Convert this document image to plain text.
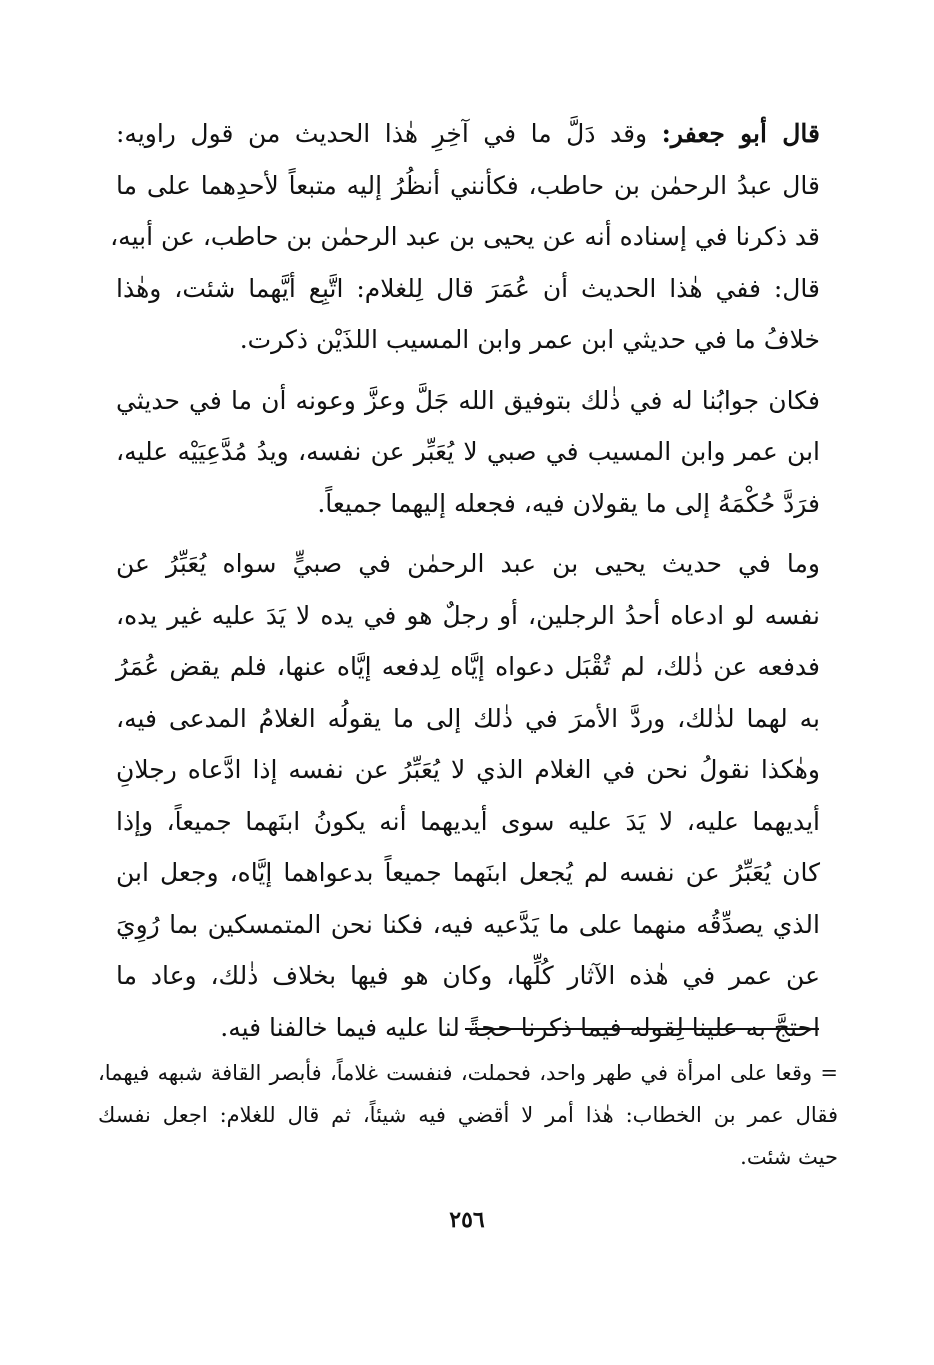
قال أبو جعفر: وقد دَلَّ ما في آخِرِ هٰذا الحديث من قول راويه:
قال عبدُ الرحمٰن بن حاطب، فكأنني أنظُرُ إليه متبعاً لأحدِهما على ما
قد ذكرنا في إسناده أنه عن يحيى بن عبد الرحمٰن بن حاطب، عن أبيه،
قال: ففي هٰذا الحديث أن عُمَرَ قال لِلغلام: اتَّبِع أيَّهما شئت، وهٰذا
خلافُ ما في حديثي ابن عمر وابن المسيب اللذَيْن ذكرت.
فكان جوابُنا له في ذٰلك بتوفيق الله جَلَّ وعزَّ وعونه أن ما في حديثي
ابن عمر وابن المسيب في صبي لا يُعَبِّر عن نفسه، ويدُ مُدَّعِيَيْه عليه،
فرَدَّ حُكْمَهُ إلى ما يقولان فيه، فجعله إليهما جميعاً.
وما في حديث يحيى بن عبد الرحمٰن في صبيٍّ سواه يُعَبِّرُ عن
نفسه لو ادعاه أحدُ الرجلين، أو رجلٌ هو في يده لا يَدَ عليه غير يده،
فدفعه عن ذٰلك، لم تُقْبَل دعواه إيَّاه لِدفعه إيَّاه عنها، فلم يقض عُمَرُ
به لهما لذٰلك، وردَّ الأمرَ في ذٰلك إلى ما يقولُه الغلامُ المدعى فيه،
وهٰكذا نقولُ نحن في الغلام الذي لا يُعَبِّرُ عن نفسه إذا ادَّعاه رجلانِ
أيديهما عليه، لا يَدَ عليه سوى أيديهما أنه يكونُ ابنَهما جميعاً، وإذا
كان يُعَبِّرُ عن نفسه لم يُجعل ابنَهما جميعاً بدعواهما إيَّاه، وجعل ابن
الذي يصدِّقُه منهما على ما يَدَّعيه فيه، فكنا نحن المتمسكين بما رُوِيَ
عن عمر في هٰذه الآثار كُلِّها، وكان هو فيها بخلاف ذٰلك، وعاد ما
احتجَّ به علينا لِقوله فيما ذكرنا حجةً لنا عليه فيما خالفنا فيه.
= وقعا على امرأة في طهر واحد، فحملت، فنفست غلاماً، فأبصر القافة شبهه فيهما،
فقال عمر بن الخطاب: هٰذا أمر لا أقضي فيه شيئاً، ثم قال للغلام: اجعل نفسك
حيث شئت.
٢٥٦
